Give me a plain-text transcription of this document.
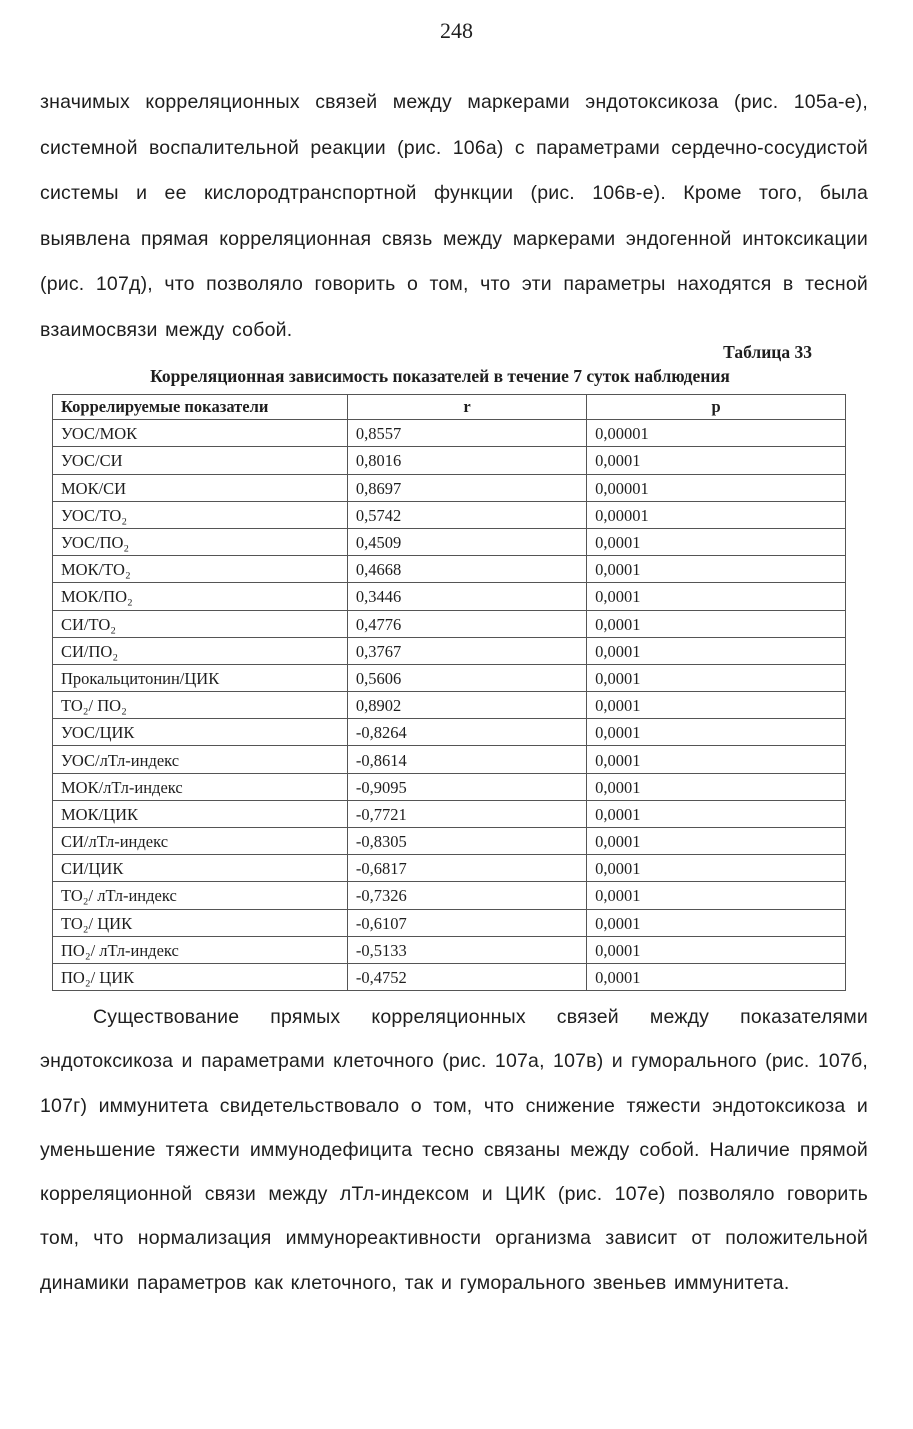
248

значимых корреляционных связей между маркерами эндотоксикоза (рис. 105а-е), системной воспалительной реакции (рис. 106а) с параметрами сердечно-сосудистой системы и ее кислородтранспортной функции (рис. 106в-е). Кроме того, была выявлена прямая корреляционная связь между маркерами эндогенной интоксикации (рис. 107д), что позволяло говорить о том, что эти параметры находятся в тесной взаимосвязи между собой.

Таблица 33
Корреляционная зависимость показателей в течение 7 суток наблюдения
Коррелируемые показатели	r	p
УОС/МОК	0,8557	0,00001
УОС/СИ	0,8016	0,0001
МОК/СИ	0,8697	0,00001
УОС/ТО₂	0,5742	0,00001
УОС/ПО₂	0,4509	0,0001
МОК/ТО₂	0,4668	0,0001
МОК/ПО₂	0,3446	0,0001
СИ/ТО₂	0,4776	0,0001
СИ/ПО₂	0,3767	0,0001
Прокальцитонин/ЦИК	0,5606	0,0001
ТО₂/ ПО₂	0,8902	0,0001
УОС/ЦИК	-0,8264	0,0001
УОС/лТл-индекс	-0,8614	0,0001
МОК/лТл-индекс	-0,9095	0,0001
МОК/ЦИК	-0,7721	0,0001
СИ/лТл-индекс	-0,8305	0,0001
СИ/ЦИК	-0,6817	0,0001
ТО₂/ лТл-индекс	-0,7326	0,0001
ТО₂/ ЦИК	-0,6107	0,0001
ПО₂/ лТл-индекс	-0,5133	0,0001
ПО₂/ ЦИК	-0,4752	0,0001

Существование прямых корреляционных связей между показателями эндотоксикоза и параметрами клеточного (рис. 107а, 107в) и гуморального (рис. 107б, 107г) иммунитета свидетельствовало о том, что снижение тяжести эндотоксикоза и уменьшение тяжести иммунодефицита тесно связаны между собой. Наличие прямой корреляционной связи между лТл-индексом и ЦИК (рис. 107е) позволяло говорить том, что нормализация иммунореактивности организма зависит от положительной динамики параметров как клеточного, так и гуморального звеньев иммунитета.
